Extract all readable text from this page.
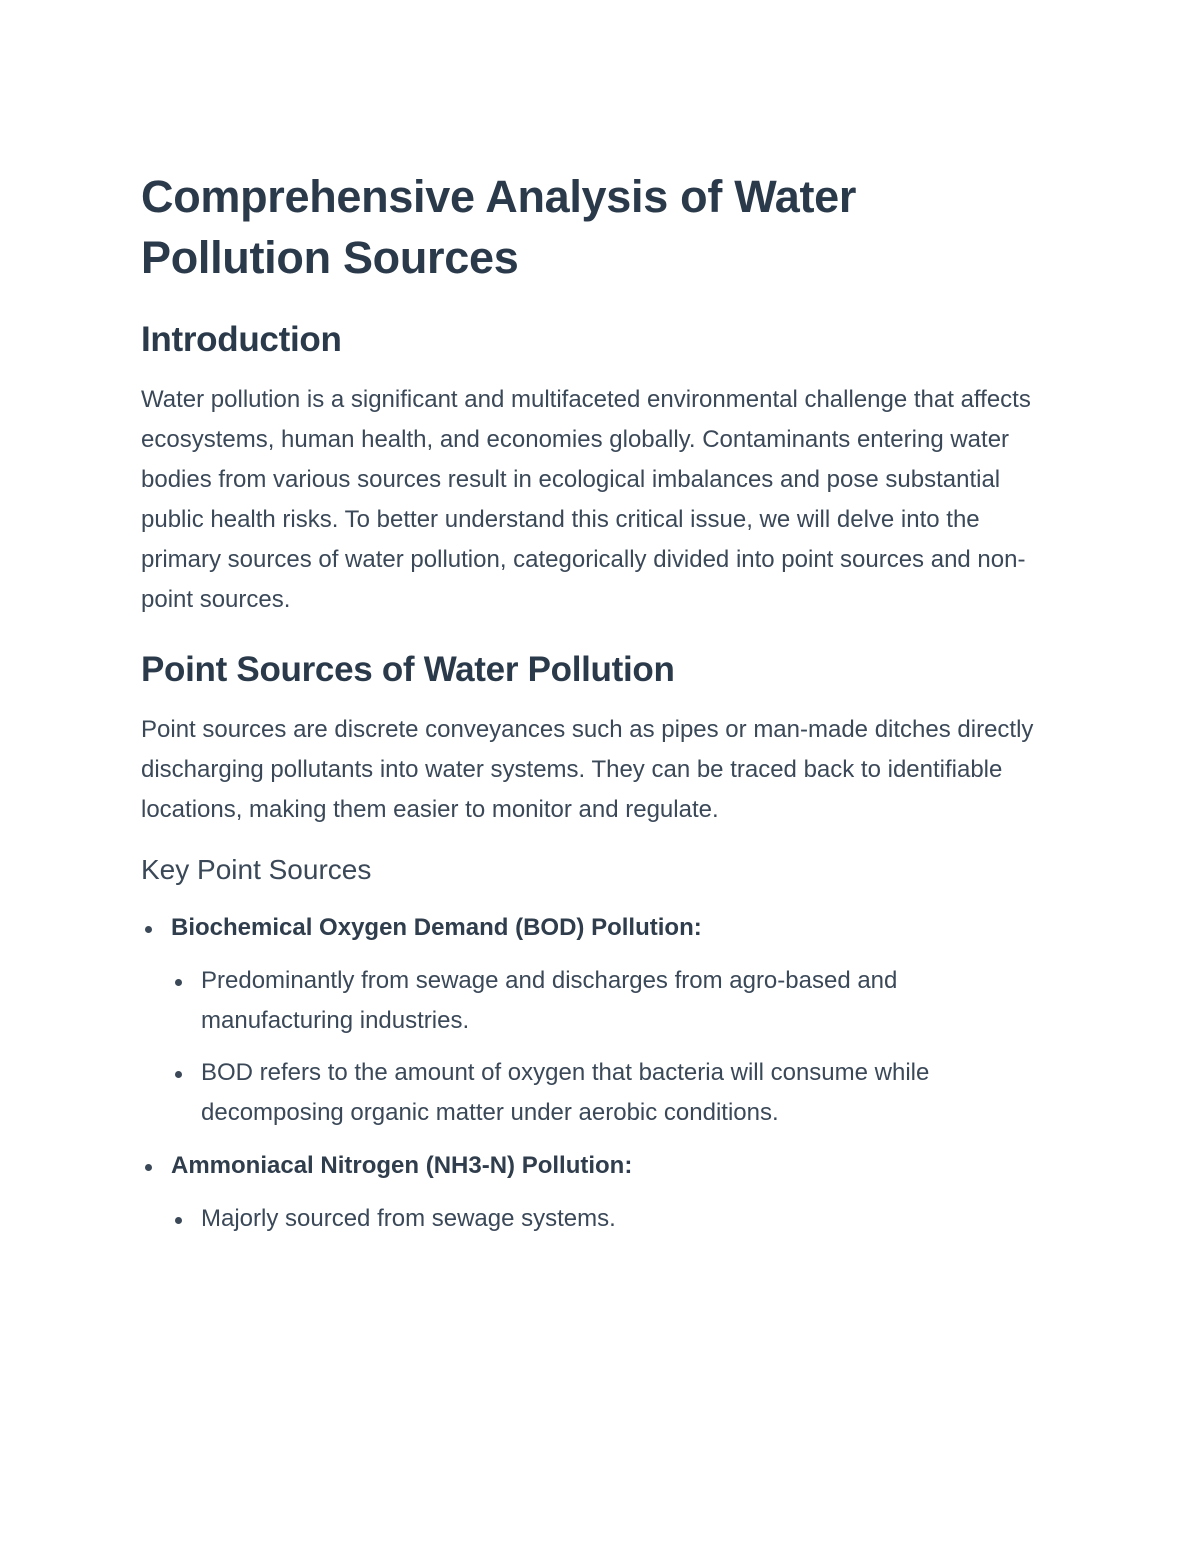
Comprehensive Analysis of Water Pollution Sources
Introduction

Water pollution is a significant and multifaceted environmental challenge that affects ecosystems, human health, and economies globally. Contaminants entering water bodies from various sources result in ecological imbalances and pose substantial public health risks. To better understand this critical issue, we will delve into the primary sources of water pollution, categorically divided into point sources and non-point sources.

Point Sources of Water Pollution

Point sources are discrete conveyances such as pipes or man-made ditches directly discharging pollutants into water systems. They can be traced back to identifiable locations, making them easier to monitor and regulate.

Key Point Sources
Biochemical Oxygen Demand (BOD) Pollution:
Predominantly from sewage and discharges from agro-based and manufacturing industries.
BOD refers to the amount of oxygen that bacteria will consume while decomposing organic matter under aerobic conditions.
Ammoniacal Nitrogen (NH3-N) Pollution:
Majorly sourced from sewage systems.
